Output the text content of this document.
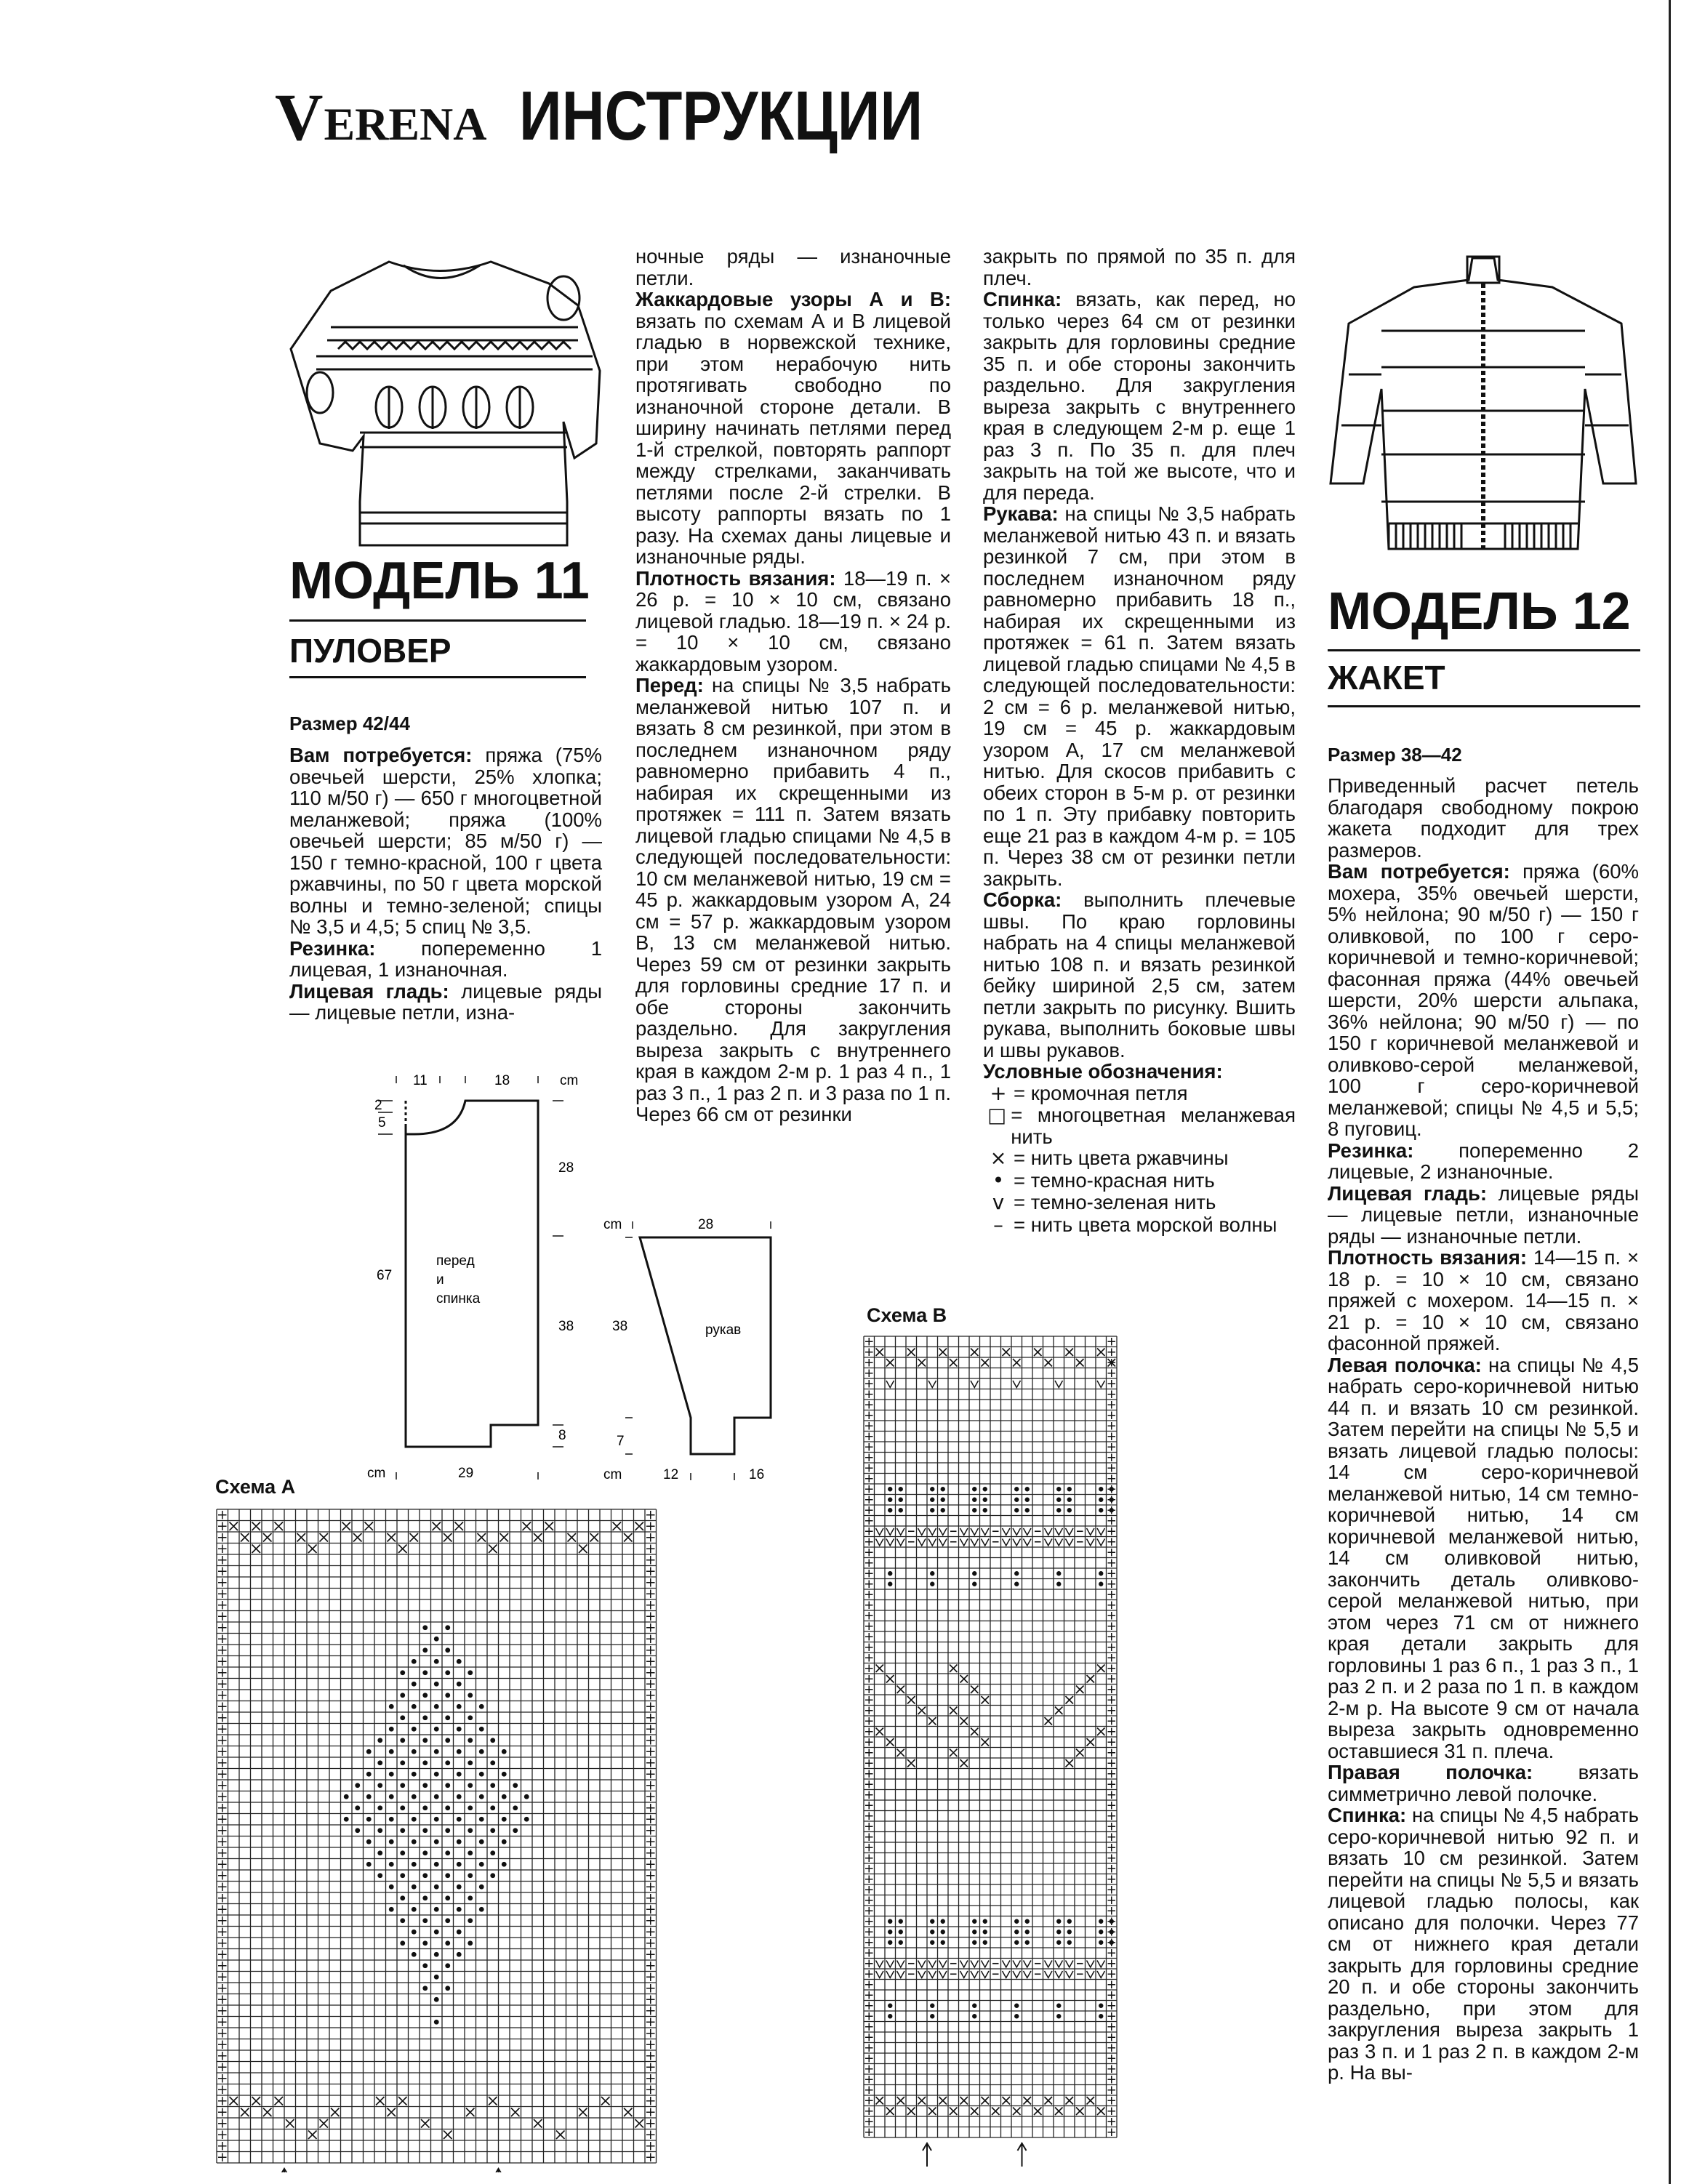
VERENA ИНСТРУКЦИИ
МОДЕЛЬ 11
ПУЛОВЕР
Размер 42/44

Вам потребуется: пряжа (75% овечьей шерсти, 25% хлопка; 110 м/50 г) — 650 г многоцветной меланжевой; пряжа (100% овечьей шерсти; 85 м/50 г) — 150 г темно-красной, 100 г цвета ржавчины, по 50 г цвета морской волны и темно-зеленой; спицы № 3,5 и 4,5; 5 спиц № 3,5.

Резинка: попеременно 1 лицевая, 1 изнаночная.

Лицевая гладь: лицевые ряды — лицевые петли, изна-

ночные ряды — изнаночные петли.

Жаккардовые узоры А и В: вязать по схемам А и В лицевой гладью в норвежской технике, при этом нерабочую нить протягивать свободно по изнаночной стороне детали. В ширину начинать петлями перед 1-й стрелкой, повторять раппорт между стрелками, заканчивать петлями после 2-й стрелки. В высоту раппорты вязать по 1 разу. На схемах даны лицевые и изнаночные ряды.

Плотность вязания: 18—19 п. × 26 р. = 10 × 10 см, связано лицевой гладью. 18—19 п. × 24 р. = 10 × 10 см, связано жаккардовым узором.

Перед: на спицы № 3,5 набрать меланжевой нитью 107 п. и вязать 8 см резинкой, при этом в последнем изнаночном ряду равномерно прибавить 4 п., набирая их скрещенными из протяжек = 111 п. Затем вязать лицевой гладью спицами № 4,5 в следующей последовательности: 10 см меланжевой нитью, 19 см = 45 р. жаккардовым узором А, 24 см = 57 р. жаккардовым узором В, 13 см меланжевой нитью. Через 59 см от резинки закрыть для горловины средние 17 п. и обе стороны закончить раздельно. Для закругления выреза закрыть с внутреннего края в каждом 2-м р. 1 раз 4 п., 1 раз 3 п., 1 раз 2 п. и 3 раза по 1 п. Через 66 см от резинки

закрыть по прямой по 35 п. для плеч.

Спинка: вязать, как перед, но только через 64 см от резинки закрыть для горловины средние 35 п. и обе стороны закончить раздельно. Для закругления выреза закрыть с внутреннего края в следующем 2-м р. еще 1 раз 3 п. По 35 п. для плеч закрыть на той же высоте, что и для переда.

Рукава: на спицы № 3,5 набрать меланжевой нитью 43 п. и вязать резинкой 7 см, при этом в последнем изнаночном ряду равномерно прибавить 18 п., набирая их скрещенными из протяжек = 61 п. Затем вязать лицевой гладью спицами № 4,5 в следующей последовательности: 2 см = 6 р. меланжевой нитью, 19 см = 45 р. жаккардовым узором А, 17 см меланжевой нитью. Для скосов прибавить с обеих сторон в 5-м р. от резинки по 1 п. Эту прибавку повторить еще 21 раз в каждом 4-м р. = 105 п. Через 38 см от резинки петли закрыть.

Сборка: выполнить плечевые швы. По краю горловины набрать на 4 спицы меланжевой нитью 108 п. и вязать резинкой бейку шириной 2,5 см, затем петли закрыть по рисунку. Вшить рукава, выполнить боковые швы и швы рукавов.

Условные обозначения:

+ = кромочная петля
□ = многоцветная меланжевая нить
× = нить цвета ржавчины
• = темно-красная нить
v = темно-зеленая нить
– = нить цвета морской волны
МОДЕЛЬ 12
ЖАКЕТ
Размер 38—42

Приведенный расчет петель благодаря свободному покрою жакета подходит для трех размеров.

Вам потребуется: пряжа (60% мохера, 35% овечьей шерсти, 5% нейлона; 90 м/50 г) — 150 г оливковой, по 100 г серо-коричневой и темно-коричневой; фасонная пряжа (44% овечьей шерсти, 20% шерсти альпака, 36% нейлона; 90 м/50 г) — по 150 г коричневой меланжевой и оливково-серой меланжевой, 100 г серо-коричневой меланжевой; спицы № 4,5 и 5,5; 8 пуговиц.

Резинка: попеременно 2 лицевые, 2 изнаночные.

Лицевая гладь: лицевые ряды — лицевые петли, изнаночные ряды — изнаночные петли.

Плотность вязания: 14—15 п. × 18 р. = 10 × 10 см, связано пряжей с мохером. 14—15 п. × 21 р. = 10 × 10 см, связано фасонной пряжей.

Левая полочка: на спицы № 4,5 набрать серо-коричневой нитью 44 п. и вязать 10 см резинкой. Затем перейти на спицы № 5,5 и вязать лицевой гладью полосы: 14 см серо-коричневой меланжевой нитью, 14 см темно-коричневой нитью, 14 см коричневой меланжевой нитью, 14 см оливковой нитью, закончить деталь оливково-серой меланжевой нитью, при этом через 71 см от нижнего края детали закрыть для горловины 1 раз 6 п., 1 раз 3 п., 1 раз 2 п. и 2 раза по 1 п. в каждом 2-м р. На высоте 9 см от начала выреза закрыть одновременно оставшиеся 31 п. плеча.

Правая полочка: вязать симметрично левой полочке.

Спинка: на спицы № 4,5 набрать серо-коричневой нитью 92 п. и вязать 10 см резинкой. Затем перейти на спицы № 5,5 и вязать лицевой гладью полосы, как описано для полочки. Через 77 см от нижнего края детали закрыть для горловины средние 20 п. и обе стороны закончить раздельно, при этом для закругления выреза закрыть 1 раз 3 п. и 1 раз 2 п. в каждом 2-м р. На вы-

cm
11	18
2
5
28
67
38
8
перед
и
спинка
cm	29
cm	28
38	рукав
7
cm	12	16
Схема А
Схема В
